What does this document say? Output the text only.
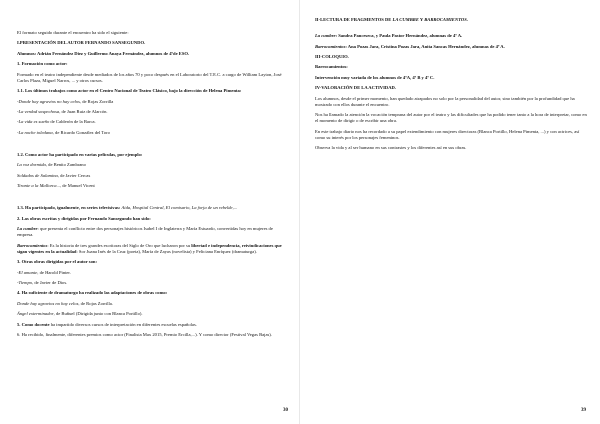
El formato seguido durante el encuentro ha sido el siguiente:

I.PRESENTACIÓN DEL AUTOR FERNANDO SANSEGUNDO.

Alumnos: Adrián Fernández Díez y Guillermo Anaya Fernández, alumnos de 4ºde ESO.

1. Formación como actor:

Formado en el teatro independiente desde mediados de los años 70 y poco después en el Laboratorio del T.E.C. a cargo de William Layton, José Carlos Plaza, Miguel Narros, ... y otros cursos.

1.1. Los últimos trabajos como actor en el Centro Nacional de Teatro Clásico, bajo la dirección de Helena Pimenta:

-Donde hay agravios no hay celos, de Rojas Zorrilla

-La verdad sospechosa, de Juan Ruiz de Alarcón.

-La vida es sueño de Calderón de la Barca.

-La noche toledana, de Ricardo González del Toro

1.2. Como actor ha participado en varias películas, por ejemplo:

La voz dormida, de Benito Zambrano

Soldados de Salamina, de Javier Cercas

Tirante a la Mallorca..., de Manuel Vicent

1.3. Ha participado, igualmente, en series televisivas: Aida, Hospital Central, El comisario, La forja de un rebelde,...

2. Las obras escritas y dirigidas por Fernando Sansegundo han sido:

La cumbre: que presenta el conflicto entre dos personajes históricos Isabel I de Inglaterra y María Estuardo, convertidas hoy en mujeres de empresa.

Barrocamientos: Es la historia de tres grandes escritoras del Siglo de Oro que lucharon por su libertad e independencia, reivindicaciones que sigan vigentes en la actualidad: Sor Juana Inés de la Cruz (poeta), María de Zayas (novelista) y Feliciana Enríquez (dramaturga).

3. Otras obras dirigidas por el autor son:

-El amante, de Harold Pinter.

-Tiempo, de Javier de Dios.

4. Ha suficiente de dramaturgo ha realizado las adaptaciones de obras como:

Donde hay agravios no hay celos, de Rojas Zorrilla.

Ángel exterminador, de Buñuel (Dirigida junto con Blanca Portillo).

5. Como docente ha impartido diversos cursos de interpretación en diferentes escuelas españolas.

6. Ha recibido, finalmente, diferentes premios como actor (Finalista Max 2015, Premio Ercilla,...). Y como director (Festival Vegas Bajas).

30

II-LECTURA DE FRAGMENTOS DE LA CUMBRE Y BARROCAMIENTOS.

La cumbre: Sandra Panceseca, y Paula Pastor Hernández, alumnas de 4º A.

Barrocamientos: Ana Pozas Jara, Cristina Pozas Jara, Anita Sancas Hernández, alumnas de 4º A.

III-COLOQUIO.

Barrocamientos:

Intervención muy variada de los alumnos de 4ºA, 4º B y 4º C.

IV-VALORACIÓN DE LA ACTIVIDAD.

Los alumnos, desde el primer momento, han quedado atrapados no solo por la personalidad del autor, sino también por la profundidad que ha mostrado con ellos durante el encuentro.

Nos ha llamado la atención la vocación temprana del autor por el teatro y las dificultades que ha podido tener tanto a la hora de interpretar, como en el momento de dirigir o de escribir una obra.

En este trabajo diario nos ha recordado a su papel extendimiento con mujeres directoras (Blanca Portillo, Helena Pimenta, ...) y con actrices, así como su interés por los personajes femeninos.

Observa la vida y al ser humano en sus contrastes y los diferentes así en sus obras.

39
